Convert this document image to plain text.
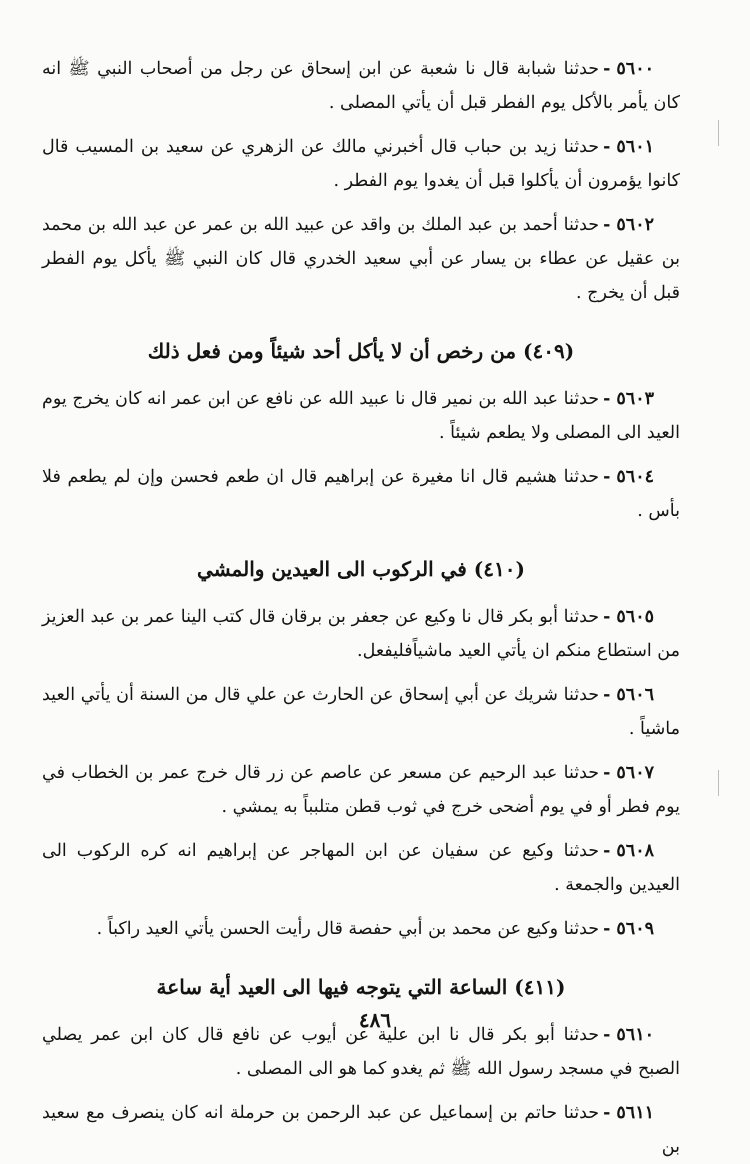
٥٦٠٠-حدثنا شبابة قال نا شعبة عن ابن إسحاق عن رجل من أصحاب النبي ﷺ انه كان يأمر بالأكل يوم الفطر قبل أن يأتي المصلى .

٥٦٠١-حدثنا زيد بن حباب قال أخبرني مالك عن الزهري عن سعيد بن المسيب قال كانوا يؤمرون أن يأكلوا قبل أن يغدوا يوم الفطر .

٥٦٠٢-حدثنا أحمد بن عبد الملك بن واقد عن عبيد الله بن عمر عن عبد الله بن محمد بن عقيل عن عطاء بن يسار عن أبي سعيد الخدري قال كان النبي ﷺ يأكل يوم الفطر قبل أن يخرج .

(٤٠٩) من رخص أن لا يأكل أحد شيئاً ومن فعل ذلك

٥٦٠٣-حدثنا عبد الله بن نمير قال نا عبيد الله عن نافع عن ابن عمر انه كان يخرج يوم العيد الى المصلى ولا يطعم شيئاً .

٥٦٠٤-حدثنا هشيم قال انا مغيرة عن إبراهيم قال ان طعم فحسن وإن لم يطعم فلا بأس .

(٤١٠) في الركوب الى العيدين والمشي

٥٦٠٥-حدثنا أبو بكر قال نا وكيع عن جعفر بن برقان قال كتب الينا عمر بن عبد العزيز من استطاع منكم ان يأتي العيد ماشياًفليفعل.

٥٦٠٦-حدثنا شريك عن أبي إسحاق عن الحارث عن علي قال من السنة أن يأتي العيد ماشياً .

٥٦٠٧-حدثنا عبد الرحيم عن مسعر عن عاصم عن زر قال خرج عمر بن الخطاب في يوم فطر أو في يوم أضحى خرج في ثوب قطن متلبباً به يمشي .

٥٦٠٨-حدثنا وكيع عن سفيان عن ابن المهاجر عن إبراهيم انه كره الركوب الى العيدين والجمعة .

٥٦٠٩-حدثنا وكيع عن محمد بن أبي حفصة قال رأيت الحسن يأتي العيد راكباً .

(٤١١) الساعة التي يتوجه فيها الى العيد أية ساعة

٥٦١٠-حدثنا أبو بكر قال نا ابن علية عن أيوب عن نافع قال كان ابن عمر يصلي الصبح في مسجد رسول الله ﷺ ثم يغدو كما هو الى المصلى .

٥٦١١-حدثنا حاتم بن إسماعيل عن عبد الرحمن بن حرملة انه كان ينصرف مع سعيد بن

٤٨٦
